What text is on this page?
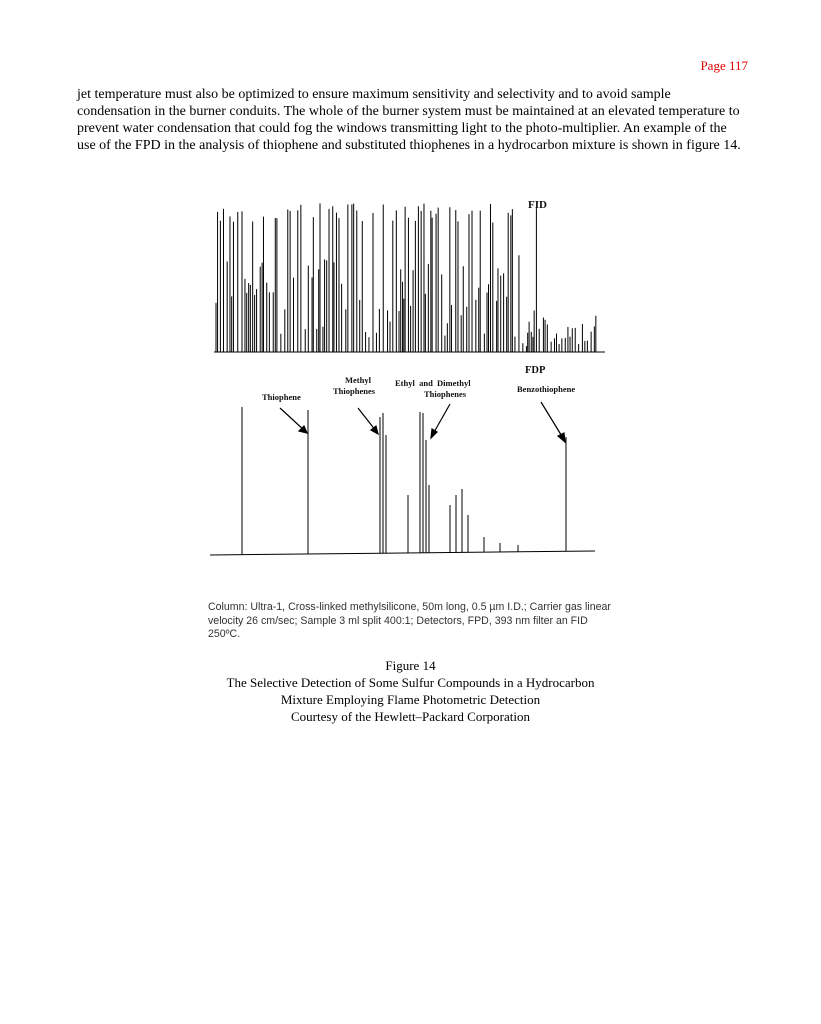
Page 117

jet temperature must also be optimized to ensure maximum sensitivity and selectivity and to avoid sample condensation in the burner conduits. The whole of the burner system must be maintained at an elevated temperature to prevent water condensation that could fog the windows transmitting light to the photo-multiplier. An example of the use of the FPD in the analysis of thiophene and substituted thiophenes in a hydrocarbon mixture is shown in figure 14.

FID
FDP
Thiophene
Methyl
Thiophenes
Ethyl  and  Dimethyl
Thiophenes	Benzothiophene
Column: Ultra-1, Cross-linked methylsilicone, 50m long, 0.5 µm I.D.; Carrier gas linear velocity 26 cm/sec; Sample 3 ml split 400:1; Detectors, FPD, 393 nm filter an FID 250ºC.
Figure 14
The Selective Detection of Some Sulfur Compounds in a Hydrocarbon
Mixture Employing Flame Photometric Detection
Courtesy of the Hewlett–Packard Corporation
